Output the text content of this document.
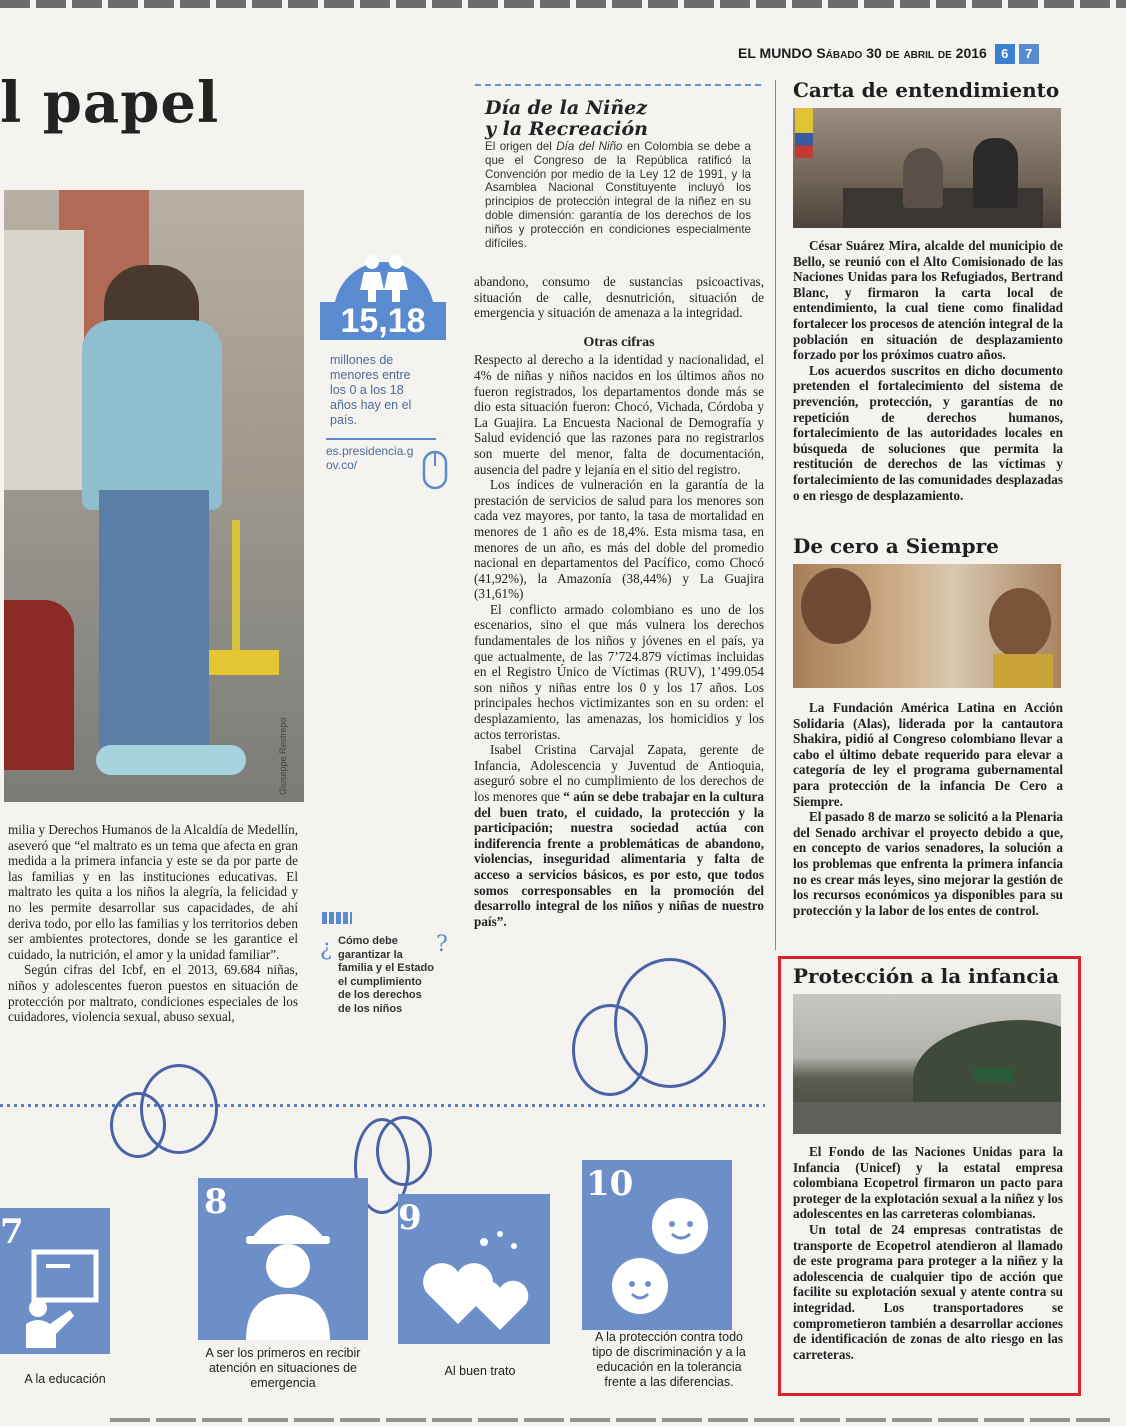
EL MUNDO Sábado 30 de abril de 2016 6 7
l papel
Giuseppe Restrepo
Día de la Niñez
y la Recreación
El origen del Día del Niño en Colombia se debe a que el Congreso de la República ratificó la Convención por medio de la Ley 12 de 1991, y la Asamblea Nacional Constituyente incluyó los principios de protección integral de la niñez en su doble dimensión: garantía de los derechos de los niños y protección en condiciones especialmente difíciles.
15,18
millones de menores entre los 0 a los 18 años hay en el país.
es.presidencia.gov.co/

milia y Derechos Humanos de la Alcaldía de Medellín, aseveró que “el maltrato es un tema que afecta en gran medida a la primera infancia y este se da por parte de las familias y en las instituciones educativas. El maltrato les quita a los niños la alegría, la felicidad y no les permite desarrollar sus capacidades, de ahí deriva todo, por ello las familias y los territorios deben ser ambientes protectores, donde se les garantice el cuidado, la nutrición, el amor y la unidad familiar”.

Según cifras del Icbf, en el 2013, 69.684 niñas, niños y adolescentes fueron puestos en situación de protección por maltrato, condiciones especiales de los cuidadores, violencia sexual, abuso sexual,

¿ Cómo debe garantizar la familia y el Estado el cumplimiento de los derechos de los niños
?

abandono, consumo de sustancias psicoactivas, situación de calle, desnutrición, situación de emergencia y situación de amenaza a la integridad.

Otras cifras

Respecto al derecho a la identidad y nacionalidad, el 4% de niñas y niños nacidos en los últimos años no fueron registrados, los departamentos donde más se dio esta situación fueron: Chocó, Vichada, Córdoba y La Guajira. La Encuesta Nacional de Demografía y Salud evidenció que las razones para no registrarlos son muerte del menor, falta de documentación, ausencia del padre y lejanía en el sitio del registro.

Los índices de vulneración en la garantía de la prestación de servicios de salud para los menores son cada vez mayores, por tanto, la tasa de mortalidad en menores de 1 año es de 18,4%. Esta misma tasa, en menores de un año, es más del doble del promedio nacional en departamentos del Pacífico, como Chocó (41,92%), la Amazonía (38,44%) y La Guajira (31,61%)

El conflicto armado colombiano es uno de los escenarios, sino el que más vulnera los derechos fundamentales de los niños y jóvenes en el país, ya que actualmente, de las 7’724.879 víctimas incluidas en el Registro Único de Víctimas (RUV), 1’499.054 son niños y niñas entre los 0 y los 17 años. Los principales hechos victimizantes son en su orden: el desplazamiento, las amenazas, los homicidios y los actos terroristas.

Isabel Cristina Carvajal Zapata, gerente de Infancia, Adolescencia y Juventud de Antioquia, aseguró sobre el no cumplimiento de los derechos de los menores que “ aún se debe trabajar en la cultura del buen trato, el cuidado, la protección y la participación; nuestra sociedad actúa con indiferencia frente a problemáticas de abandono, violencias, inseguridad alimentaria y falta de acceso a servicios básicos, es por esto, que todos somos corresponsables en la promoción del desarrollo integral de los niños y niñas de nuestro país”.

Carta de entendimiento

César Suárez Mira, alcalde del municipio de Bello, se reunió con el Alto Comisionado de las Naciones Unidas para los Refugiados, Bertrand Blanc, y firmaron la carta local de entendimiento, la cual tiene como finalidad fortalecer los procesos de atención integral de la población en situación de desplazamiento forzado por los próximos cuatro años.

Los acuerdos suscritos en dicho documento pretenden el fortalecimiento del sistema de prevención, protección, y garantías de no repetición de derechos humanos, fortalecimiento de las autoridades locales en búsqueda de soluciones que permita la restitución de derechos de las víctimas y fortalecimiento de las comunidades desplazadas o en riesgo de desplazamiento.

De cero a Siempre

La Fundación América Latina en Acción Solidaria (Alas), liderada por la cantautora Shakira, pidió al Congreso colombiano llevar a cabo el último debate requerido para elevar a categoría de ley el programa gubernamental para protección de la infancia De Cero a Siempre.

El pasado 8 de marzo se solicitó a la Plenaria del Senado archivar el proyecto debido a que, en concepto de varios senadores, la solución a los problemas que enfrenta la primera infancia no es crear más leyes, sino mejorar la gestión de los recursos económicos ya disponibles para su protección y la labor de los entes de control.

Protección a la infancia

El Fondo de las Naciones Unidas para la Infancia (Unicef) y la estatal empresa colombiana Ecopetrol firmaron un pacto para proteger de la explotación sexual a la niñez y los adolescentes en las carreteras colombianas.

Un total de 24 empresas contratistas de transporte de Ecopetrol atendieron al llamado de este programa para proteger a la niñez y la adolescencia de cualquier tipo de acción que facilite su explotación sexual y atente contra su integridad. Los transportadores se comprometieron también a desarrollar acciones de identificación de zonas de alto riesgo en las carreteras.

7
8	9
10
A la educación
A ser los primeros en recibir atención en situaciones de emergencia
Al buen trato
A la protección contra todo tipo de discriminación y a la educación en la tolerancia frente a las diferencias.
